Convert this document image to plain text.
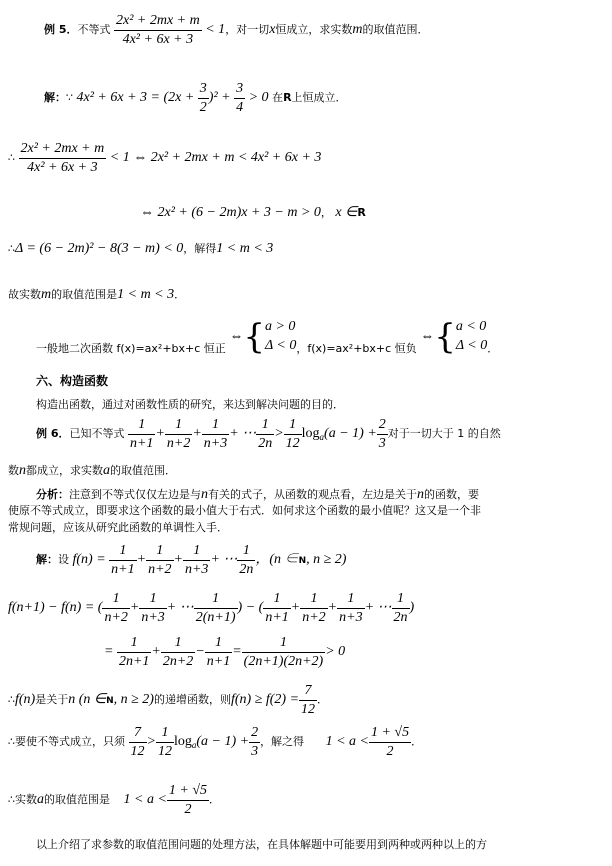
例 5．不等式 $\frac{\text{2x² + 2mx + m}}{\text{4x² + 6x + 3}} < 1$，对一切x恒成立，求实数m的取值范围．
解：∵ $4x^2 + 6x + 3 = (2x + \frac{3}{2} )^2 + \frac{3}{4} > 0$ 在R上恒成立．
∴ $\frac{\text{2x² + 2mx + m}}{\text{4x² + 6x + 3}} < 1$ ⇔ 2x² + 2mx + m < 4x² + 6x + 3
⇔ 2x² + (6 − 2m)x + 3 − m > 0， x ∈R
∴Δ = (6 − 2m)² − 8(3 − m) < 0，解得1 < m < 3
故实数m的取值范围是1 < m < 3．
一般地二次函数 f(x)=ax²+bx+c 恒正 ⇔{ a > 0
Δ < 0 ，f(x)=ax²+bx+c 恒负 ⇔{ a < 0
Δ < 0 ．
六、构造函数
构造出函数，通过对函数性质的研究，来达到解决问题的目的．
例 6．已知不等式 $\frac{1}{n+1} + \frac{1}{n+2} + \frac{1}{n+3}$ + ⋯ $\frac{1}{2n} > \frac{1}{12} \log_a(a - 1) + \frac{2}{3}$ 对于一切大于 1 的自然
数n都成立，求实数a的取值范围．
分析：注意到不等式仅仅左边是与n有关的式子，从函数的观点看，左边是关于n的函数，要
使原不等式成立，即要求这个函数的最小值大于右式．如何求这个函数的最小值呢？这又是一个非
常规问题，应该从研究此函数的单调性入手．
解：设 $f(n) = \frac{1}{n+1} + \frac{1}{n+2} + \frac{1}{n+3}$ + ⋯ $\frac{1}{2n}$ ，(n ∈N, n ≥ 2)
f(n+1) − f(n) = ( $\frac{1}{n+2} + \frac{1}{n+3}$ + ⋯ $\frac{1}{2(n+1)}$ ) − ( $\frac{1}{n+1} + \frac{1}{n+2} + \frac{1}{n+3}$ + ⋯ $\frac{1}{2n}$ )
= $\frac{1}{2n+1} + \frac{1}{2n+2} - \frac{1}{n+1} = \frac{1}{(2n+1)(2n+2)} > 0$
∴f(n)是关于n (n ∈N, n ≥ 2)的递增函数，则$f(n) \ge f(2) = \frac{7}{12}$ ．
∴要使不等式成立，只须 $\frac{7}{12} > \frac{1}{12} \log_a(a - 1) + \frac{2}{3}$ ，解之得 $1 < a < \frac{1 + √5}{2}$ ．
∴实数a的取值范围是 $1 < a < \frac{1 + √5}{2}$ ．
以上介绍了求参数的取值范围问题的处理方法，在具体解题中可能要用到两种或两种以上的方
